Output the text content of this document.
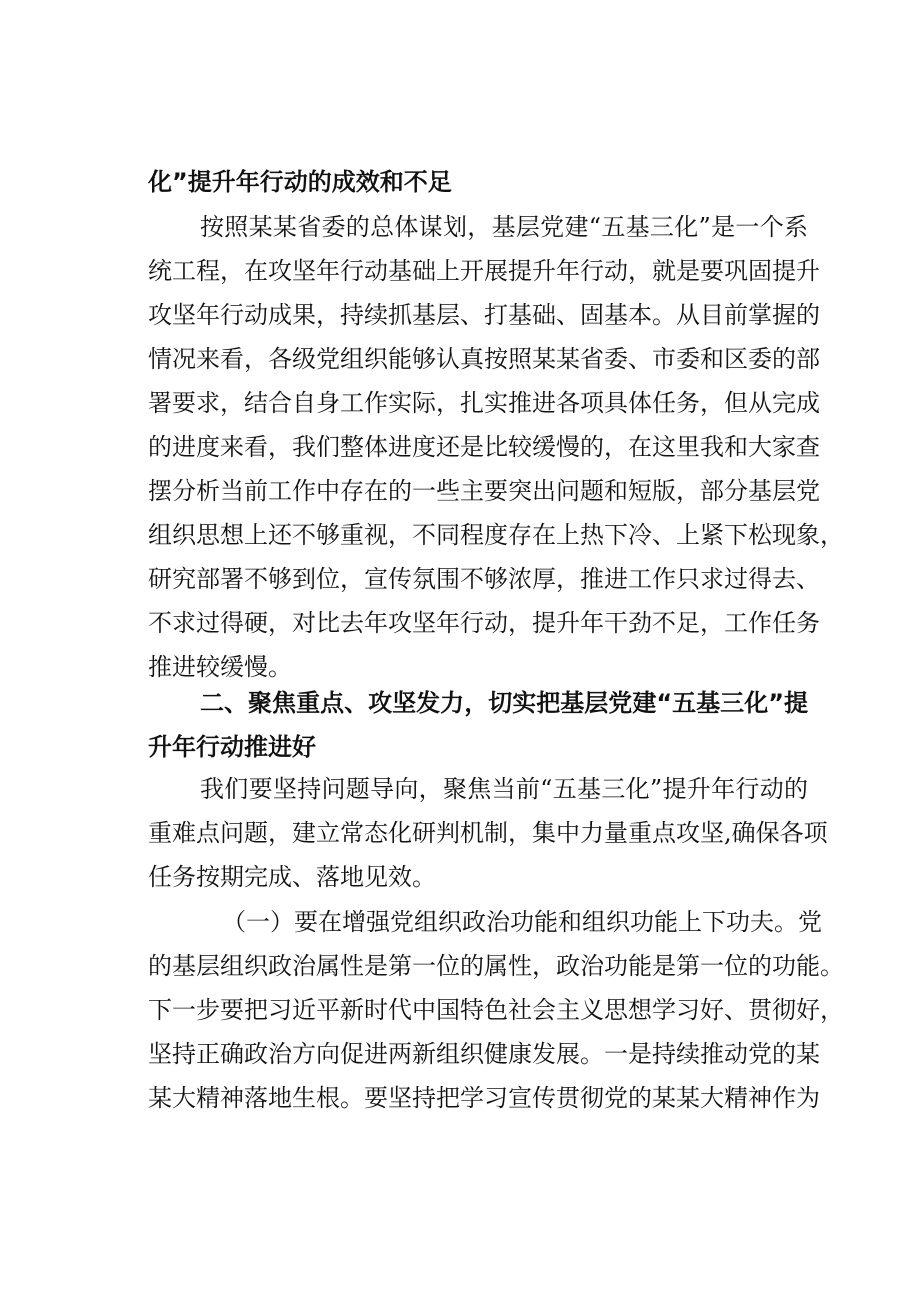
化”提升年行动的成效和不足
按照某某省委的总体谋划，基层党建“五基三化”是一个系
统工程，在攻坚年行动基础上开展提升年行动，就是要巩固提升
攻坚年行动成果，持续抓基层、打基础、固基本。从目前掌握的
情况来看，各级党组织能够认真按照某某省委、市委和区委的部
署要求，结合自身工作实际，扎实推进各项具体任务，但从完成
的进度来看，我们整体进度还是比较缓慢的，在这里我和大家查
摆分析当前工作中存在的一些主要突出问题和短版，部分基层党
组织思想上还不够重视，不同程度存在上热下冷、上紧下松现象，
研究部署不够到位，宣传氛围不够浓厚，推进工作只求过得去、
不求过得硬，对比去年攻坚年行动，提升年干劲不足，工作任务
推进较缓慢。
二、聚焦重点、攻坚发力，切实把基层党建“五基三化”提
升年行动推进好
我们要坚持问题导向，聚焦当前“五基三化”提升年行动的
重难点问题，建立常态化研判机制，集中力量重点攻坚,确保各项
任务按期完成、落地见效。
（一）要在增强党组织政治功能和组织功能上下功夫。党
的基层组织政治属性是第一位的属性，政治功能是第一位的功能。
下一步要把习近平新时代中国特色社会主义思想学习好、贯彻好，
坚持正确政治方向促进两新组织健康发展。一是持续推动党的某
某大精神落地生根。要坚持把学习宣传贯彻党的某某大精神作为
